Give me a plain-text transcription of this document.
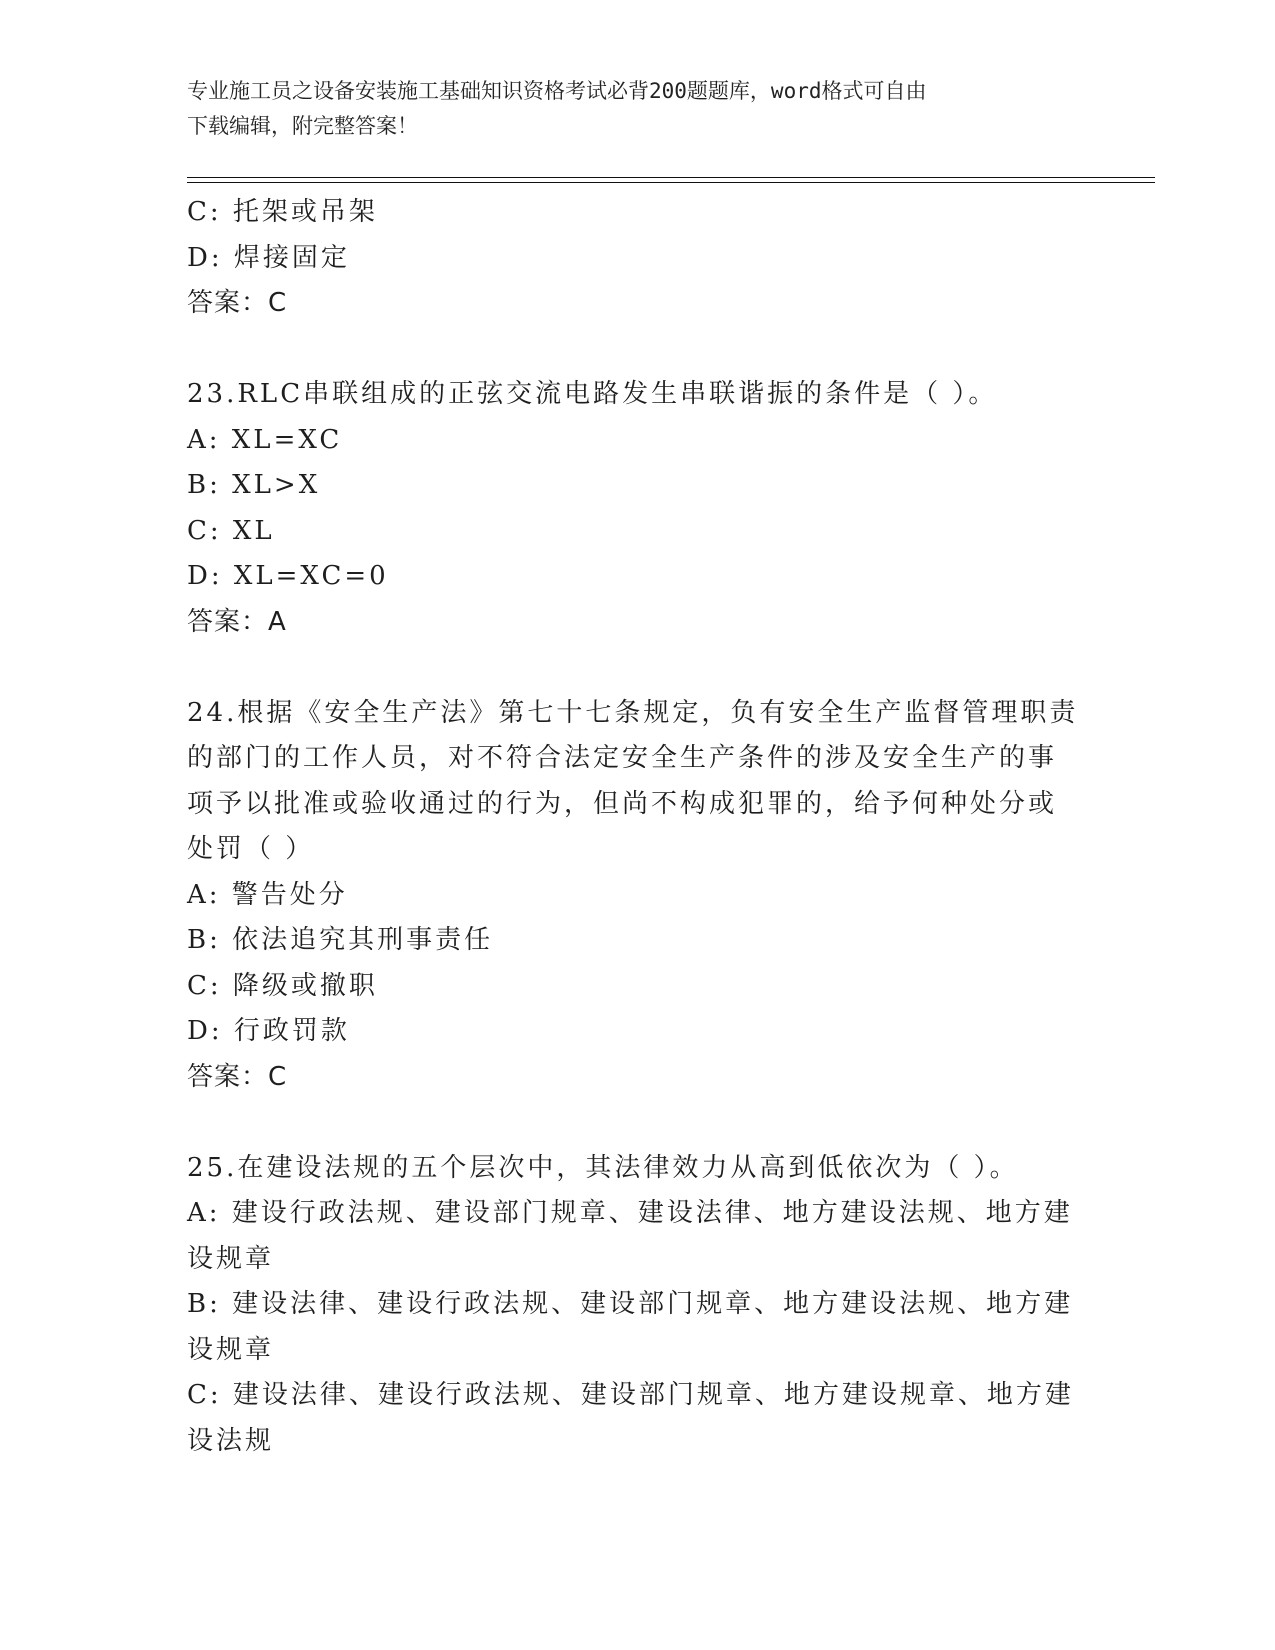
专业施工员之设备安装施工基础知识资格考试必背200题题库，word格式可自由
下载编辑，附完整答案！
C: 托架或吊架
D: 焊接固定
答案：C
23.RLC串联组成的正弦交流电路发生串联谐振的条件是（ ）。
A: XL=XC
B: XL>X
C: XL
D: XL=XC=0
答案：A
24.根据《安全生产法》第七十七条规定，负有安全生产监督管理职责
的部门的工作人员，对不符合法定安全生产条件的涉及安全生产的事
项予以批准或验收通过的行为，但尚不构成犯罪的，给予何种处分或
处罚（ ）
A: 警告处分
B: 依法追究其刑事责任
C: 降级或撤职
D: 行政罚款
答案：C
25.在建设法规的五个层次中，其法律效力从高到低依次为（ ）。
A: 建设行政法规、建设部门规章、建设法律、地方建设法规、地方建
设规章
B: 建设法律、建设行政法规、建设部门规章、地方建设法规、地方建
设规章
C: 建设法律、建设行政法规、建设部门规章、地方建设规章、地方建
设法规
